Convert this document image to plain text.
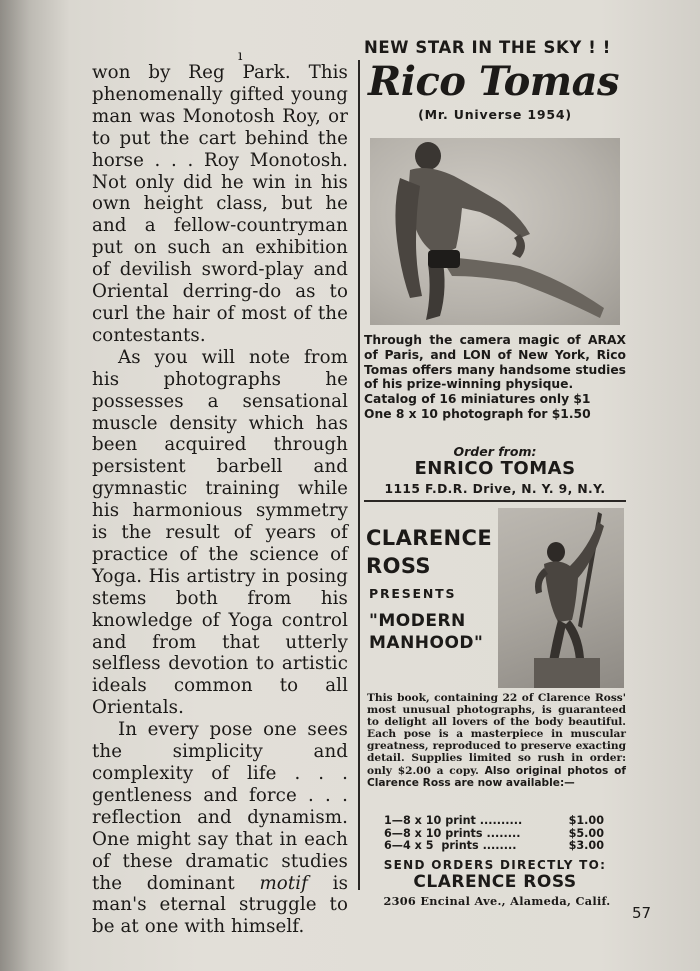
ı

won by Reg Park. This phenomenally gifted young man was Monotosh Roy, or to put the cart behind the horse . . . Roy Monotosh. Not only did he win in his own height class, but he and a fellow-countryman put on such an exhibition of devilish sword-play and Oriental derring-do as to curl the hair of most of the contestants.

As you will note from his photographs he possesses a sensational muscle density which has been acquired through persistent barbell and gymnastic training while his harmonious symmetry is the result of years of practice of the science of Yoga. His artistry in posing stems both from his knowledge of Yoga control and from that utterly selfless devotion to artistic ideals common to all Orientals.

In every pose one sees the simplicity and complexity of life . . . gentleness and force . . . reflection and dynamism. One might say that in each of these dramatic studies the dominant motif is man's eternal struggle to be at one with himself.

NEW STAR IN THE SKY ! !
Rico Tomas
(Mr. Universe 1954)

Through the camera magic of ARAX of Paris, and LON of New York, Rico Tomas offers many handsome studies of his prize-winning physique.

Catalog of 16 miniatures only $1

One 8 x 10 photograph for $1.50

Order from:
ENRICO TOMAS
1115 F.D.R. Drive, N. Y. 9, N.Y.
CLARENCE
ROSS
PRESENTS
"MODERN
MANHOOD"
This book, containing 22 of Clarence Ross' most unusual photographs, is guaranteed to delight all lovers of the body beautiful. Each pose is a masterpiece in muscular greatness, reproduced to preserve exacting detail. Supplies limited so rush in order: only $2.00 a copy. Also original photos of Clarence Ross are now available:—
1—8 x 10 print ..........	$1.00
6—8 x 10 prints ........	$5.00
6—4 x 5  prints ........	$3.00
SEND ORDERS DIRECTLY TO:
CLARENCE ROSS
2306 Encinal Ave., Alameda, Calif.
57
